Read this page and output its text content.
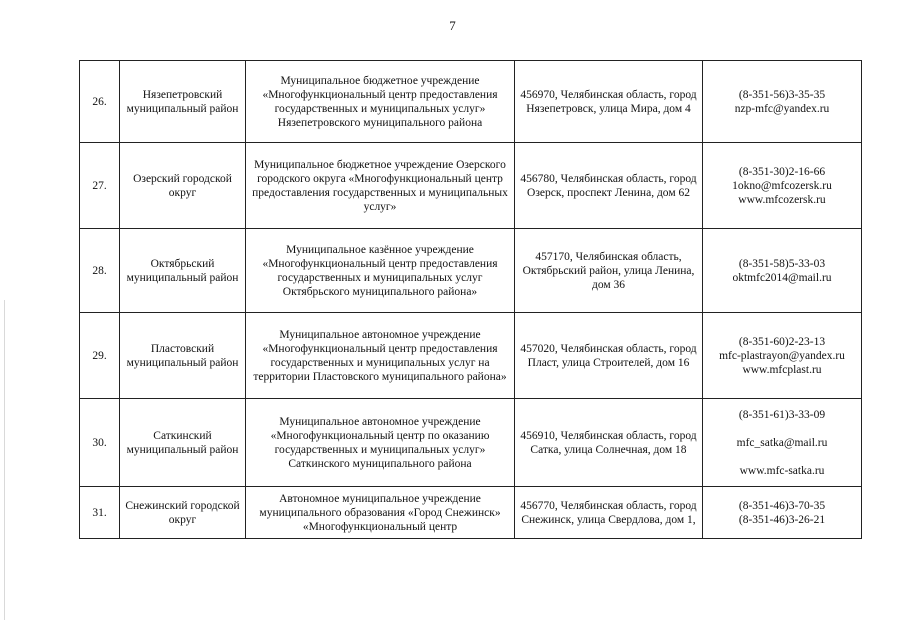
7
26.	Нязепетровский муниципальный район	Муниципальное бюджетное учреждение «Многофункциональный центр предоставления государственных и муниципальных услуг» Нязепетровского муниципального района	456970, Челябинская область, город Нязепетровск, улица Мира, дом 4	(8-351-56)3-35-35
nzp-mfc@yandex.ru

27.	Озерский городской округ	Муниципальное бюджетное учреждение Озерского городского округа «Многофункциональный центр предоставления государственных и муниципальных услуг»	456780, Челябинская область, город Озерск, проспект Ленина, дом 62	(8-351-30)2-16-66
1okno@mfcozersk.ru
www.mfcozersk.ru

28.	Октябрьский муниципальный район	Муниципальное казённое учреждение «Многофункциональный центр предоставления государственных и муниципальных услуг Октябрьского муниципального района»	457170, Челябинская область, Октябрьский район, улица Ленина, дом 36	(8-351-58)5-33-03
oktmfc2014@mail.ru

29.	Пластовский муниципальный район	Муниципальное автономное учреждение «Многофункциональный центр предоставления государственных и муниципальных услуг на территории Пластовского муниципального района»	457020, Челябинская область, город Пласт, улица Строителей, дом 16	(8-351-60)2-23-13
mfc-plastrayon@yandex.ru
www.mfcplast.ru

30.	Саткинский муниципальный район	Муниципальное автономное учреждение «Многофункциональный центр по оказанию государственных и муниципальных услуг» Саткинского муниципального района	456910, Челябинская область, город Сатка, улица Солнечная, дом 18	(8-351-61)3-33-09
mfc_satka@mail.ru
www.mfc-satka.ru

31.	Снежинский городской округ	Автономное муниципальное учреждение муниципального образования «Город Снежинск» «Многофункциональный центр	456770, Челябинская область, город Снежинск, улица Свердлова, дом 1,	(8-351-46)3-70-35
(8-351-46)3-26-21
